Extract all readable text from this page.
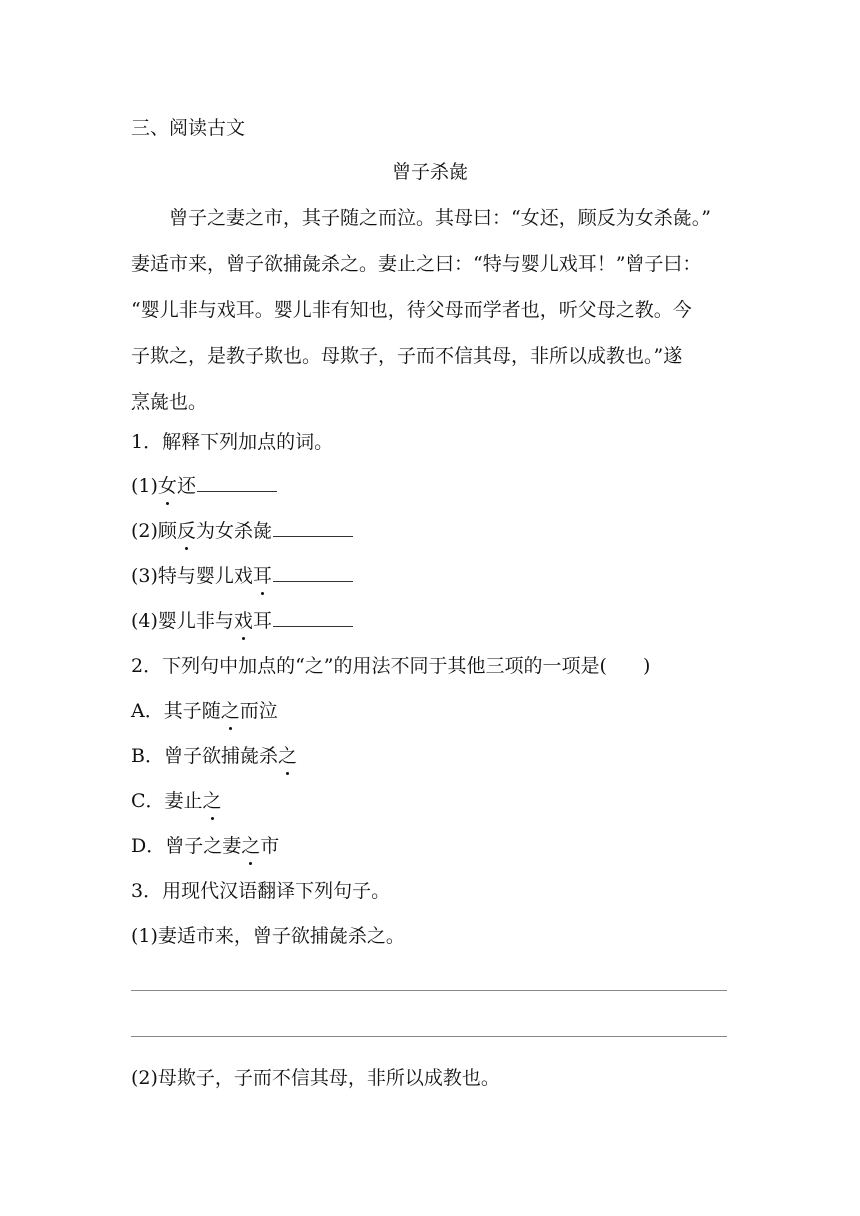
三、阅读古文
曾子杀彘
　　曾子之妻之市，其子随之而泣。其母曰：“女还，顾反为女杀彘。”
妻适市来，曾子欲捕彘杀之。妻止之曰：“特与婴儿戏耳！”曾子曰：
“婴儿非与戏耳。婴儿非有知也，待父母而学者也，听父母之教。今
子欺之，是教子欺也。母欺子，子而不信其母，非所以成教也。”遂
烹彘也。
1．解释下列加点的词。
(1)女还
(2)顾反为女杀彘
(3)特与婴儿戏耳
(4)婴儿非与戏耳
2．下列句中加点的“之”的用法不同于其他三项的一项是( )
A．其子随之而泣
B．曾子欲捕彘杀之
C．妻止之
D．曾子之妻之市
3．用现代汉语翻译下列句子。
(1)妻适市来，曾子欲捕彘杀之。
(2)母欺子，子而不信其母，非所以成教也。
